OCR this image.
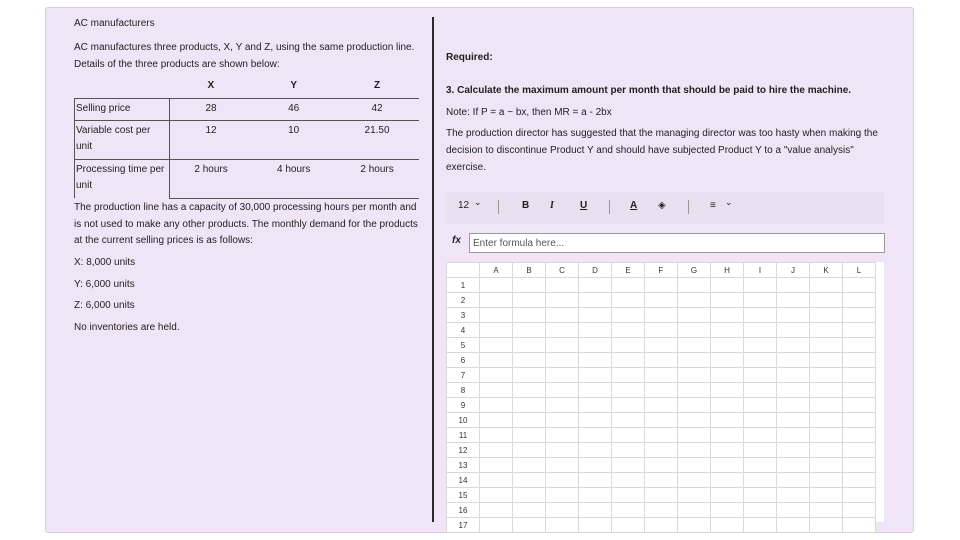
AC manufacturers
AC manufactures three products, X, Y and Z, using the same production line. Details of the three products are shown below:
	X	Y	Z
Selling price	28	46	42
Variable cost per unit	12	10	21.50
Processing time per unit	2 hours	4 hours	2 hours
The production line has a capacity of 30,000 processing hours per month and is not used to make any other products. The monthly demand for the products at the current selling prices is as follows:
X: 8,000 units
Y: 6,000 units
Z: 6,000 units
No inventories are held.
Required:
3. Calculate the maximum amount per month that should be paid to hire the machine.
Note: If P = a − bx, then MR = a - 2bx
The production director has suggested that the managing director was too hasty when making the decision to discontinue Product Y and should have subjected Product Y to a "value analysis" exercise.
12 ⌄	B I	U	A ◈	≡ ⌄
fx
Enter formula here...
	A	B	C	D	E	F	G	H	I	J	K	L
1												
2												
3												
4												
5												
6												
7												
8												
9												
10												
11												
12												
13												
14												
15												
16												
17												
